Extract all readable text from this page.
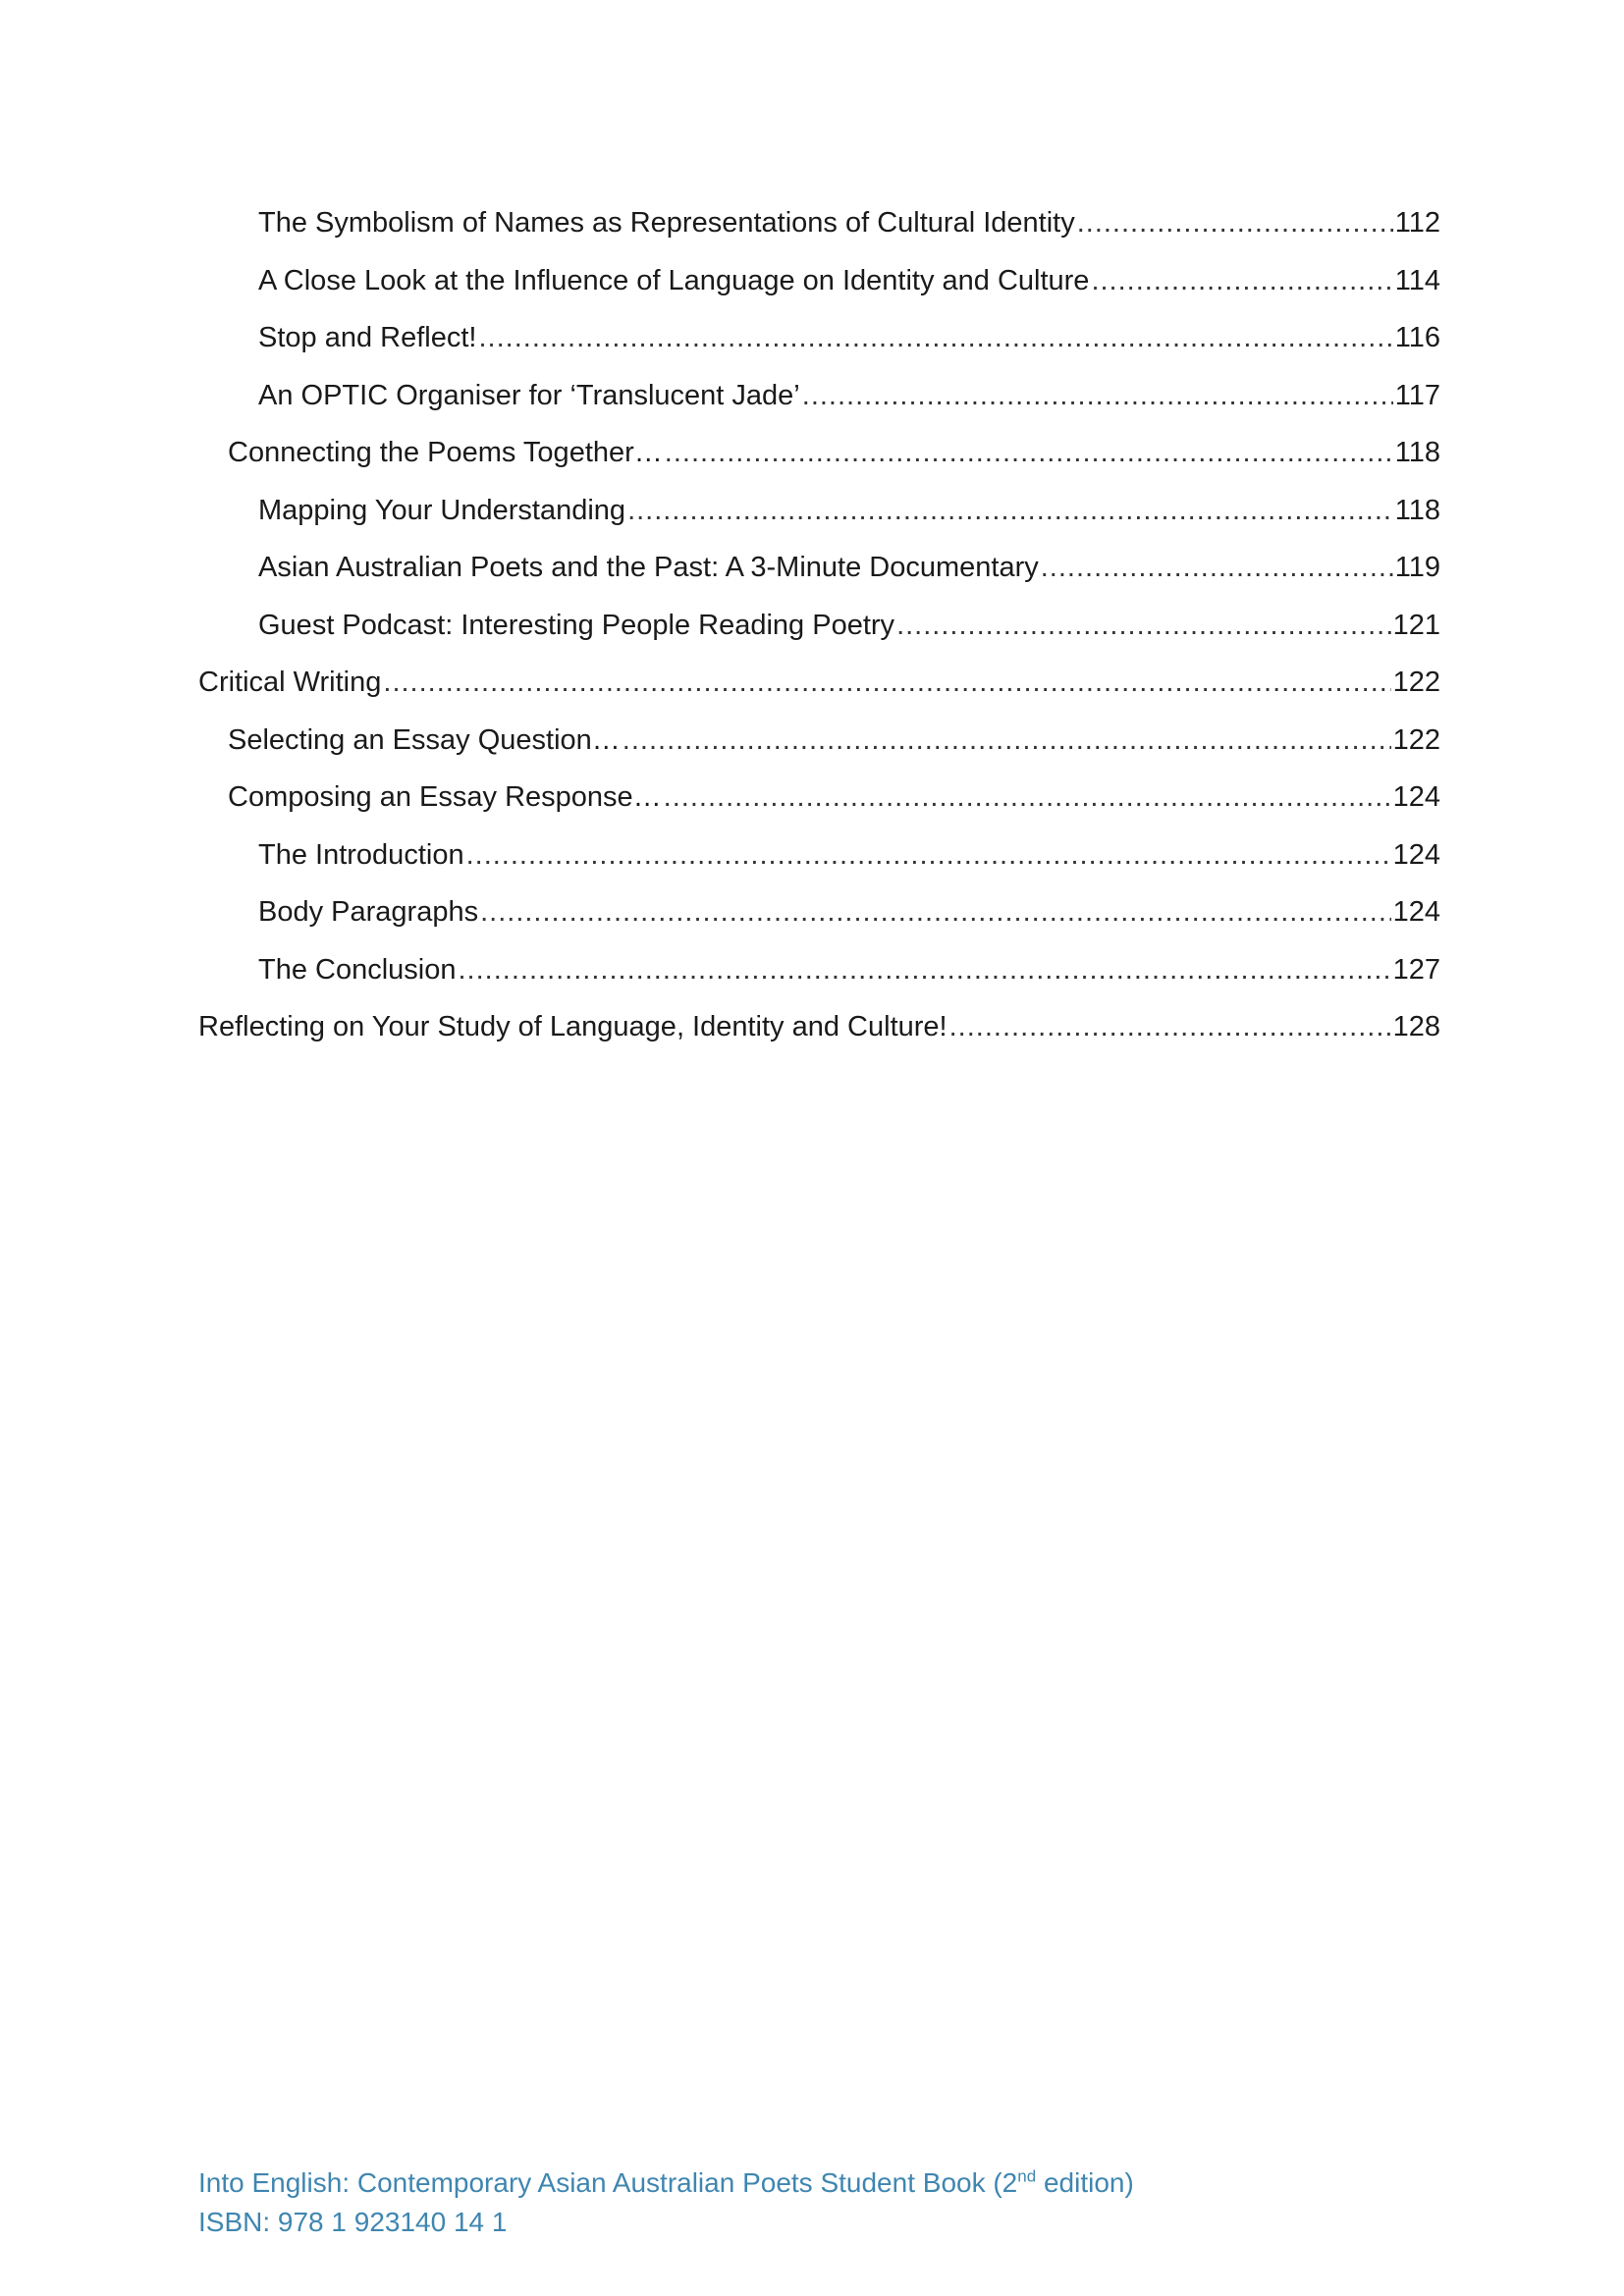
The Symbolism of Names as Representations of Cultural Identity .....	112
A Close Look at the Influence of Language on Identity and Culture .....	114
Stop and Reflect! .....	116
An OPTIC Organiser for ‘Translucent Jade’ .....	117
Connecting the Poems Together… .....	118
Mapping Your Understanding .....	118
Asian Australian Poets and the Past: A 3-Minute Documentary .....	119
Guest Podcast: Interesting People Reading Poetry .....	121
Critical Writing .....	122
Selecting an Essay Question… .....	122
Composing an Essay Response… .....	124
The Introduction .....	124
Body Paragraphs .....	124
The Conclusion .....	127
Reflecting on Your Study of Language, Identity and Culture! .....	128
Into English: Contemporary Asian Australian Poets Student Book (2nd edition)
ISBN: 978 1 923140 14 1
